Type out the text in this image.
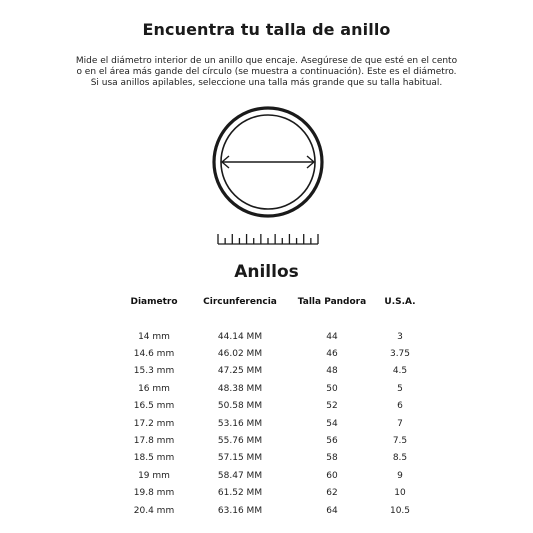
Encuentra tu talla de anillo
Mide el diámetro interior de un anillo que encaje. Asegúrese de que esté en el cento
o en el área más gande del círculo (se muestra a continuación). Este es el diámetro.
Si usa anillos apilables, seleccione una talla más grande que su talla habitual.
Anillos
Diametro	Circunferencia	Talla Pandora	U.S.A.

14 mm	44.14 MM	44	3
14.6 mm	46.02 MM	46	3.75
15.3 mm	47.25 MM	48	4.5
16 mm	48.38 MM	50	5
16.5 mm	50.58 MM	52	6
17.2 mm	53.16 MM	54	7
17.8 mm	55.76 MM	56	7.5
18.5 mm	57.15 MM	58	8.5
19 mm	58.47 MM	60	9
19.8 mm	61.52 MM	62	10
20.4 mm	63.16 MM	64	10.5
